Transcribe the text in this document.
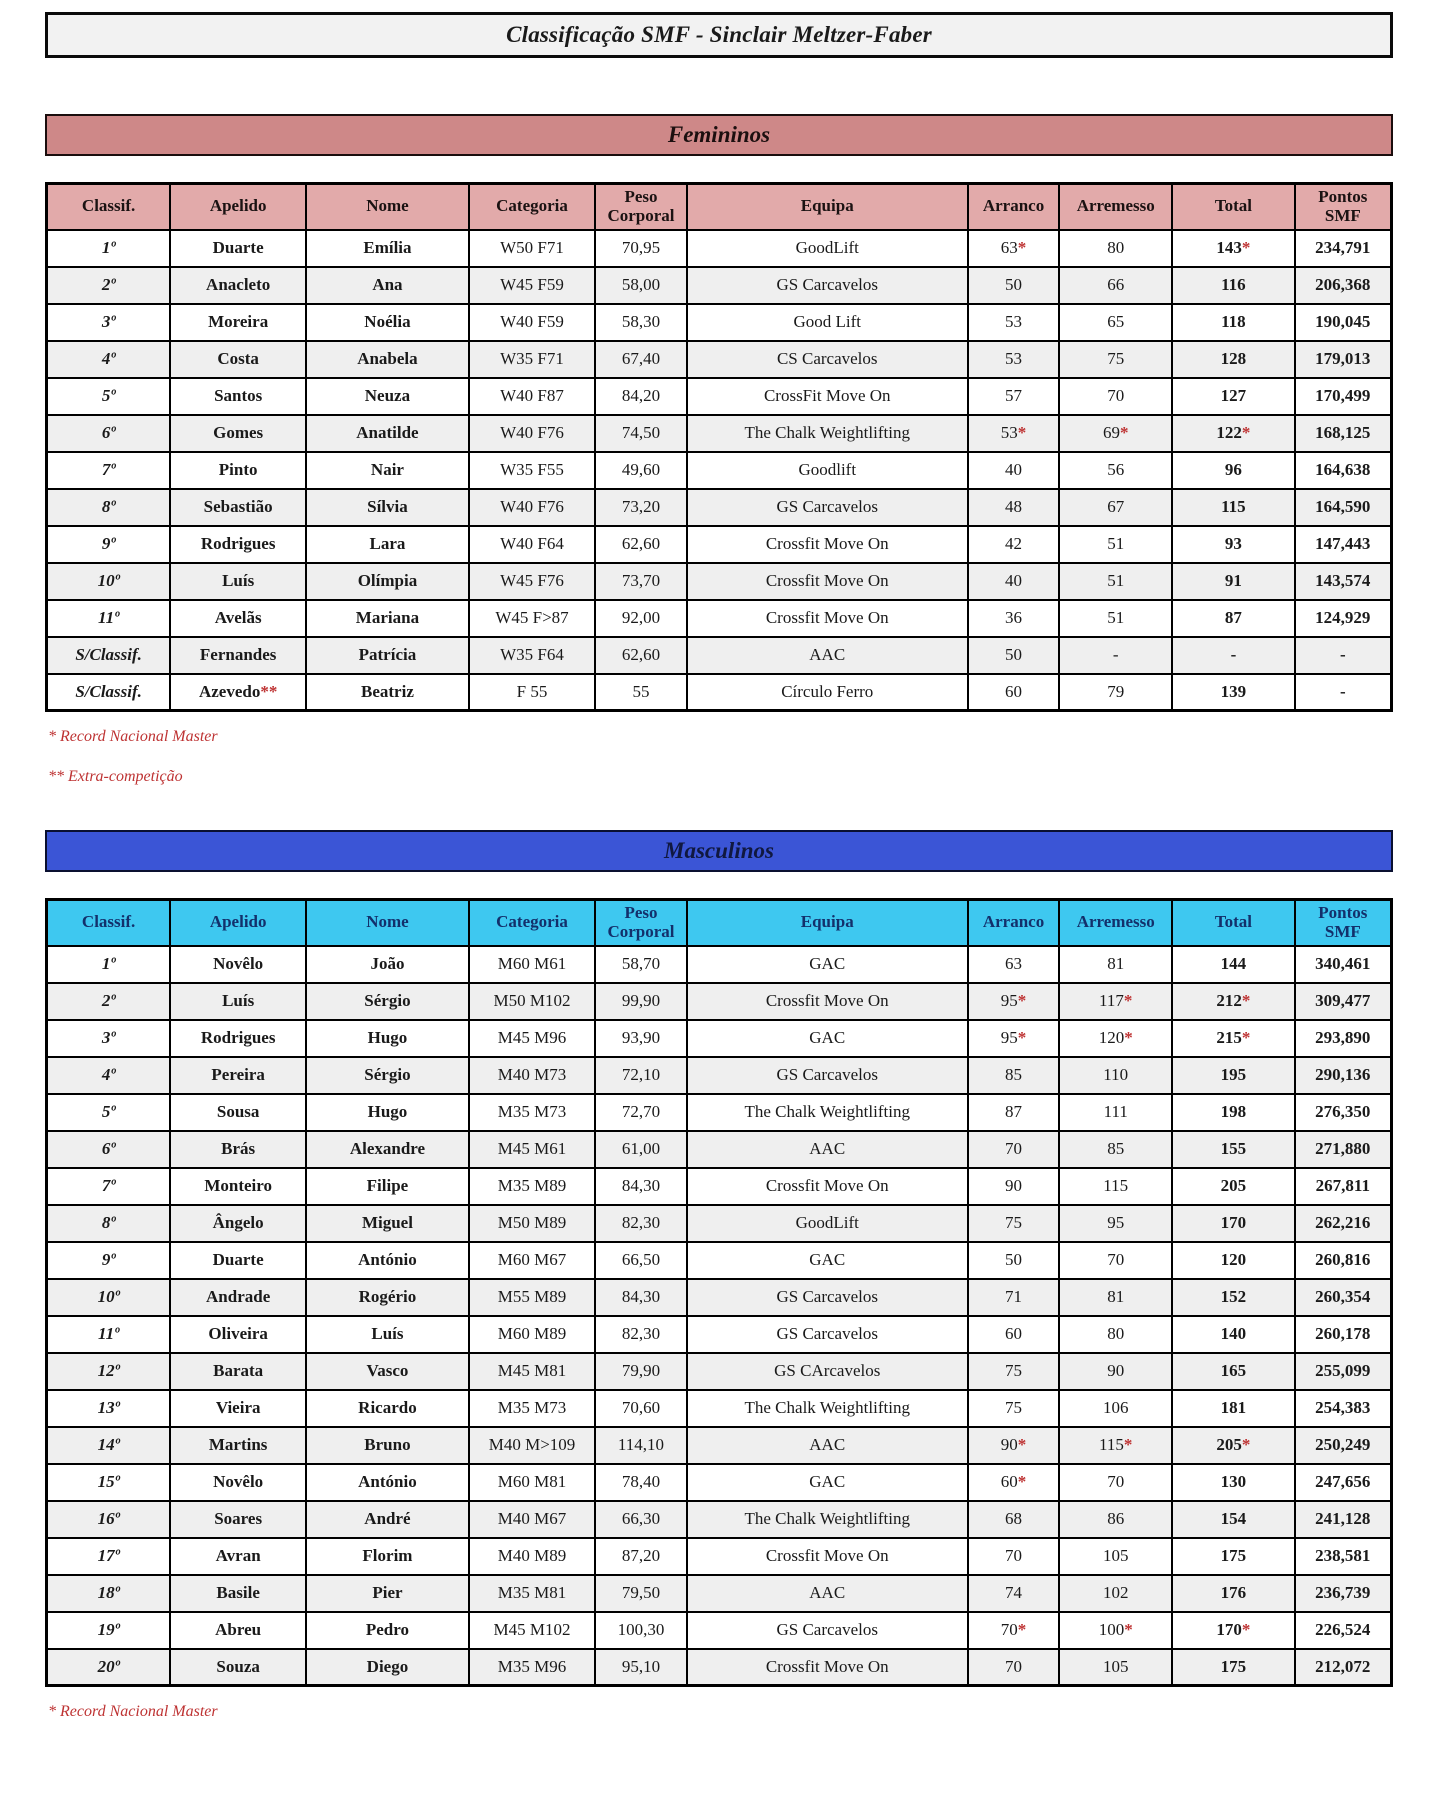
Classificação SMF - Sinclair Meltzer-Faber
Femininos
Classif.	Apelido	Nome	Categoria	Peso Corporal	Equipa	Arranco	Arremesso	Total	Pontos SMF
1º	Duarte	Emília	W50 F71	70,95	GoodLift	63*	80	143*	234,791
2º	Anacleto	Ana	W45 F59	58,00	GS Carcavelos	50	66	116	206,368
3º	Moreira	Noélia	W40 F59	58,30	Good Lift	53	65	118	190,045
4º	Costa	Anabela	W35 F71	67,40	CS Carcavelos	53	75	128	179,013
5º	Santos	Neuza	W40 F87	84,20	CrossFit Move On	57	70	127	170,499
6º	Gomes	Anatilde	W40 F76	74,50	The Chalk Weightlifting	53*	69*	122*	168,125
7º	Pinto	Nair	W35 F55	49,60	Goodlift	40	56	96	164,638
8º	Sebastião	Sílvia	W40 F76	73,20	GS Carcavelos	48	67	115	164,590
9º	Rodrigues	Lara	W40 F64	62,60	Crossfit Move On	42	51	93	147,443
10º	Luís	Olímpia	W45 F76	73,70	Crossfit Move On	40	51	91	143,574
11º	Avelãs	Mariana	W45 F>87	92,00	Crossfit Move On	36	51	87	124,929
S/Classif.	Fernandes	Patrícia	W35 F64	62,60	AAC	50	-	-	-
S/Classif.	Azevedo**	Beatriz	F 55	55	Círculo Ferro	60	79	139	-

* Record Nacional Master

** Extra-competição

Masculinos
Classif.	Apelido	Nome	Categoria	Peso Corporal	Equipa	Arranco	Arremesso	Total	Pontos SMF
1º	Novêlo	João	M60 M61	58,70	GAC	63	81	144	340,461
2º	Luís	Sérgio	M50 M102	99,90	Crossfit Move On	95*	117*	212*	309,477
3º	Rodrigues	Hugo	M45 M96	93,90	GAC	95*	120*	215*	293,890
4º	Pereira	Sérgio	M40 M73	72,10	GS Carcavelos	85	110	195	290,136
5º	Sousa	Hugo	M35 M73	72,70	The Chalk Weightlifting	87	111	198	276,350
6º	Brás	Alexandre	M45 M61	61,00	AAC	70	85	155	271,880
7º	Monteiro	Filipe	M35 M89	84,30	Crossfit Move On	90	115	205	267,811
8º	Ângelo	Miguel	M50 M89	82,30	GoodLift	75	95	170	262,216
9º	Duarte	António	M60 M67	66,50	GAC	50	70	120	260,816
10º	Andrade	Rogério	M55 M89	84,30	GS Carcavelos	71	81	152	260,354
11º	Oliveira	Luís	M60 M89	82,30	GS Carcavelos	60	80	140	260,178
12º	Barata	Vasco	M45 M81	79,90	GS CArcavelos	75	90	165	255,099
13º	Vieira	Ricardo	M35 M73	70,60	The Chalk Weightlifting	75	106	181	254,383
14º	Martins	Bruno	M40 M>109	114,10	AAC	90*	115*	205*	250,249
15º	Novêlo	António	M60 M81	78,40	GAC	60*	70	130	247,656
16º	Soares	André	M40 M67	66,30	The Chalk Weightlifting	68	86	154	241,128
17º	Avran	Florim	M40 M89	87,20	Crossfit Move On	70	105	175	238,581
18º	Basile	Pier	M35 M81	79,50	AAC	74	102	176	236,739
19º	Abreu	Pedro	M45 M102	100,30	GS Carcavelos	70*	100*	170*	226,524
20º	Souza	Diego	M35 M96	95,10	Crossfit Move On	70	105	175	212,072

* Record Nacional Master
